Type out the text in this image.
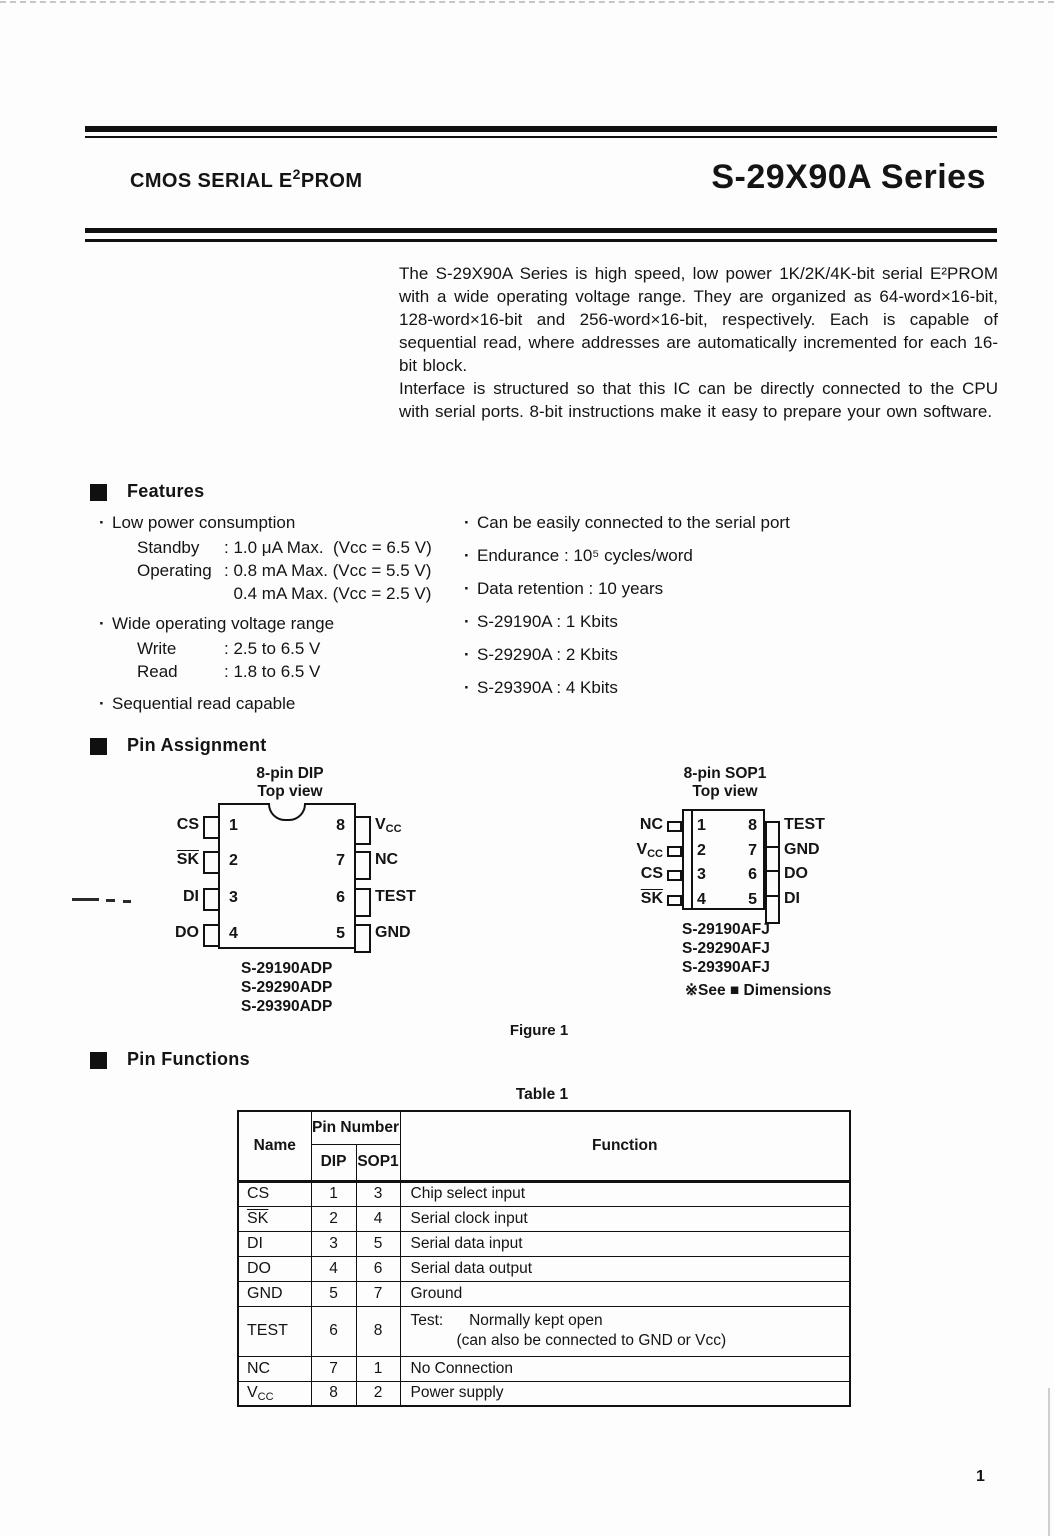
CMOS SERIAL $E^2PROM$	S-29X90A Series

The S-29X90A Series is high speed, low power 1K/2K/4K-bit serial E²PROM with a wide operating voltage range. They are organized as 64-word×16-bit, 128-word×16-bit and 256-word×16-bit, respectively. Each is capable of sequential read, where addresses are automatically incremented for each 16-bit block.

Interface is structured so that this IC can be directly connected to the CPU with serial ports. 8-bit instructions make it easy to prepare your own software.

Features
· Low power consumption
Standby	: 1.0 μA Max.  (Vcc = 6.5 V)
Operating : 0.8 mA Max. (Vcc = 5.5 V)
0.4 mA Max. (Vcc = 2.5 V)
· Wide operating voltage range
Write	: 2.5 to 6.5 V
Read	: 1.8 to 6.5 V
· Sequential read capable
· Can be easily connected to the serial port
· Endurance : 10⁵ cycles/word
· Data retention : 10 years
· S-29190A : 1 Kbits
· S-29290A : 2 Kbits
· S-29390A : 4 Kbits
Pin Assignment
8-pin DIP
Top view
CS 1	8 VCC
$\overline{SK}$ 2	7 NC
DI 3	6 TEST
DO 4	5 GND
S-29190ADP
S-29290ADP
S-29390ADP
8-pin SOP1
Top view
NC 1	8 TEST
VCC 2	7 GND
CS 3	6 DO
$\overline{SK}$ 4	5 DI
S-29190AFJ
S-29290AFJ
S-29390AFJ
※See ■ Dimensions
Figure 1
Pin Functions
Table 1
Name	Pin Number		Function
	DIP	SOP1	
CS	1	3	Chip select input

$\overline{SK}$	2	4	Serial clock input

DI	3	5	Serial data input

DO	4	6	Serial data output

GND	5	7	Ground

TEST	6	8	Test:      Normally kept open
(can also be connected to GND or Vcc)

NC	7	1	No Connection

VCC	8	2	Power supply
1
